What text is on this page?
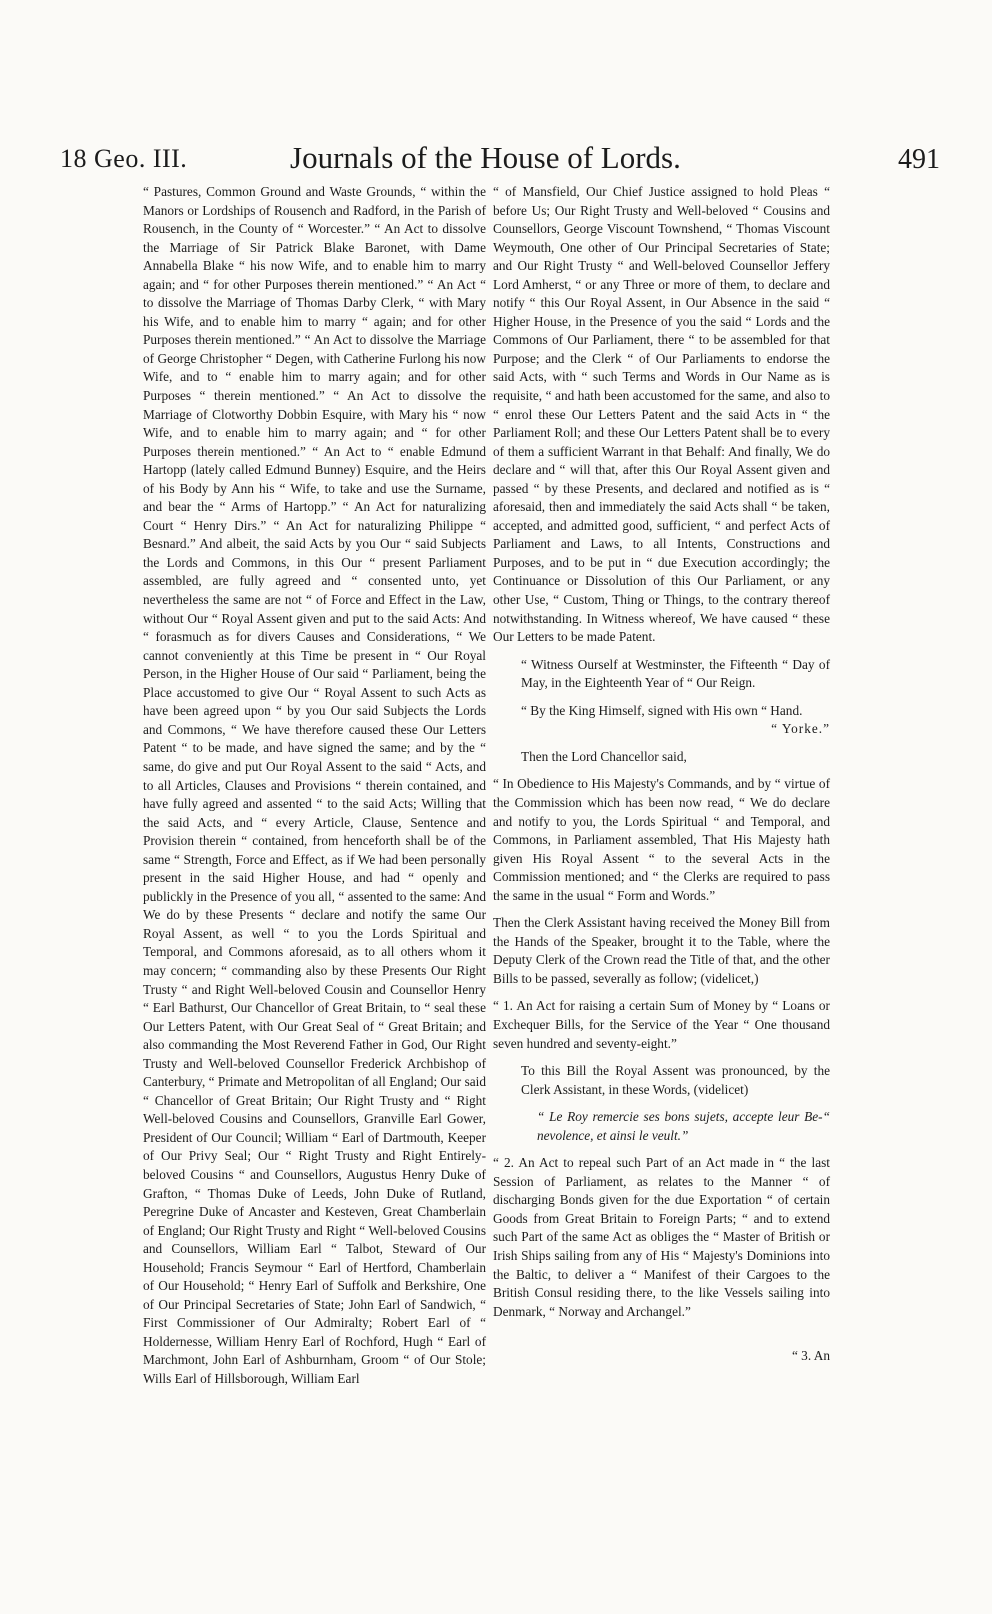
18 Geo. III.	Journals of the House of Lords.	491

“ Pastures, Common Ground and Waste Grounds, “ within the Manors or Lordships of Rousench and Radford, in the Parish of Rousench, in the County of “ Worcester.” “ An Act to dissolve the Marriage of Sir Patrick Blake Baronet, with Dame Annabella Blake “ his now Wife, and to enable him to marry again; and “ for other Purposes therein mentioned.” “ An Act “ to dissolve the Marriage of Thomas Darby Clerk, “ with Mary his Wife, and to enable him to marry “ again; and for other Purposes therein mentioned.” “ An Act to dissolve the Marriage of George Christopher “ Degen, with Catherine Furlong his now Wife, and to “ enable him to marry again; and for other Purposes “ therein mentioned.” “ An Act to dissolve the Marriage of Clotworthy Dobbin Esquire, with Mary his “ now Wife, and to enable him to marry again; and “ for other Purposes therein mentioned.” “ An Act to “ enable Edmund Hartopp (lately called Edmund Bunney) Esquire, and the Heirs of his Body by Ann his “ Wife, to take and use the Surname, and bear the “ Arms of Hartopp.” “ An Act for naturalizing Court “ Henry Dirs.” “ An Act for naturalizing Philippe “ Besnard.” And albeit, the said Acts by you Our “ said Subjects the Lords and Commons, in this Our “ present Parliament assembled, are fully agreed and “ consented unto, yet nevertheless the same are not “ of Force and Effect in the Law, without Our “ Royal Assent given and put to the said Acts: And “ forasmuch as for divers Causes and Considerations, “ We cannot conveniently at this Time be present in “ Our Royal Person, in the Higher House of Our said “ Parliament, being the Place accustomed to give Our “ Royal Assent to such Acts as have been agreed upon “ by you Our said Subjects the Lords and Commons, “ We have therefore caused these Our Letters Patent “ to be made, and have signed the same; and by the “ same, do give and put Our Royal Assent to the said “ Acts, and to all Articles, Clauses and Provisions “ therein contained, and have fully agreed and assented “ to the said Acts; Willing that the said Acts, and “ every Article, Clause, Sentence and Provision therein “ contained, from henceforth shall be of the same “ Strength, Force and Effect, as if We had been personally present in the said Higher House, and had “ openly and publickly in the Presence of you all, “ assented to the same: And We do by these Presents “ declare and notify the same Our Royal Assent, as well “ to you the Lords Spiritual and Temporal, and Commons aforesaid, as to all others whom it may concern; “ commanding also by these Presents Our Right Trusty “ and Right Well-beloved Cousin and Counsellor Henry “ Earl Bathurst, Our Chancellor of Great Britain, to “ seal these Our Letters Patent, with Our Great Seal of “ Great Britain; and also commanding the Most Reverend Father in God, Our Right Trusty and Well-beloved Counsellor Frederick Archbishop of Canterbury, “ Primate and Metropolitan of all England; Our said “ Chancellor of Great Britain; Our Right Trusty and “ Right Well-beloved Cousins and Counsellors, Granville Earl Gower, President of Our Council; William “ Earl of Dartmouth, Keeper of Our Privy Seal; Our “ Right Trusty and Right Entirely-beloved Cousins “ and Counsellors, Augustus Henry Duke of Grafton, “ Thomas Duke of Leeds, John Duke of Rutland, Peregrine Duke of Ancaster and Kesteven, Great Chamberlain of England; Our Right Trusty and Right “ Well-beloved Cousins and Counsellors, William Earl “ Talbot, Steward of Our Household; Francis Seymour “ Earl of Hertford, Chamberlain of Our Household; “ Henry Earl of Suffolk and Berkshire, One of Our Principal Secretaries of State; John Earl of Sandwich, “ First Commissioner of Our Admiralty; Robert Earl of “ Holdernesse, William Henry Earl of Rochford, Hugh “ Earl of Marchmont, John Earl of Ashburnham, Groom “ of Our Stole; Wills Earl of Hillsborough, William Earl

“ of Mansfield, Our Chief Justice assigned to hold Pleas “ before Us; Our Right Trusty and Well-beloved “ Cousins and Counsellors, George Viscount Townshend, “ Thomas Viscount Weymouth, One other of Our Principal Secretaries of State; and Our Right Trusty “ and Well-beloved Counsellor Jeffery Lord Amherst, “ or any Three or more of them, to declare and notify “ this Our Royal Assent, in Our Absence in the said “ Higher House, in the Presence of you the said “ Lords and the Commons of Our Parliament, there “ to be assembled for that Purpose; and the Clerk “ of Our Parliaments to endorse the said Acts, with “ such Terms and Words in Our Name as is requisite, “ and hath been accustomed for the same, and also to “ enrol these Our Letters Patent and the said Acts in “ the Parliament Roll; and these Our Letters Patent shall be to every of them a sufficient Warrant in that Behalf: And finally, We do declare and “ will that, after this Our Royal Assent given and passed “ by these Presents, and declared and notified as is “ aforesaid, then and immediately the said Acts shall “ be taken, accepted, and admitted good, sufficient, “ and perfect Acts of Parliament and Laws, to all Intents, Constructions and Purposes, and to be put in “ due Execution accordingly; the Continuance or Dissolution of this Our Parliament, or any other Use, “ Custom, Thing or Things, to the contrary thereof notwithstanding. In Witness whereof, We have caused “ these Our Letters to be made Patent.

“ Witness Ourself at Westminster, the Fifteenth “ Day of May, in the Eighteenth Year of “ Our Reign.

“ By the King Himself, signed with His own “ Hand.

“ Yorke.”

Then the Lord Chancellor said,

“ In Obedience to His Majesty's Commands, and by “ virtue of the Commission which has been now read, “ We do declare and notify to you, the Lords Spiritual “ and Temporal, and Commons, in Parliament assembled, That His Majesty hath given His Royal Assent “ to the several Acts in the Commission mentioned; and “ the Clerks are required to pass the same in the usual “ Form and Words.”

Then the Clerk Assistant having received the Money Bill from the Hands of the Speaker, brought it to the Table, where the Deputy Clerk of the Crown read the Title of that, and the other Bills to be passed, severally as follow; (videlicet,)

“ 1. An Act for raising a certain Sum of Money by “ Loans or Exchequer Bills, for the Service of the Year “ One thousand seven hundred and seventy-eight.”

To this Bill the Royal Assent was pronounced, by the Clerk Assistant, in these Words, (videlicet)

“ Le Roy remercie ses bons sujets, accepte leur Be-“ nevolence, et ainsi le veult.”

“ 2. An Act to repeal such Part of an Act made in “ the last Session of Parliament, as relates to the Manner “ of discharging Bonds given for the due Exportation “ of certain Goods from Great Britain to Foreign Parts; “ and to extend such Part of the same Act as obliges the “ Master of British or Irish Ships sailing from any of His “ Majesty's Dominions into the Baltic, to deliver a “ Manifest of their Cargoes to the British Consul residing there, to the like Vessels sailing into Denmark, “ Norway and Archangel.”

“ 3. An
